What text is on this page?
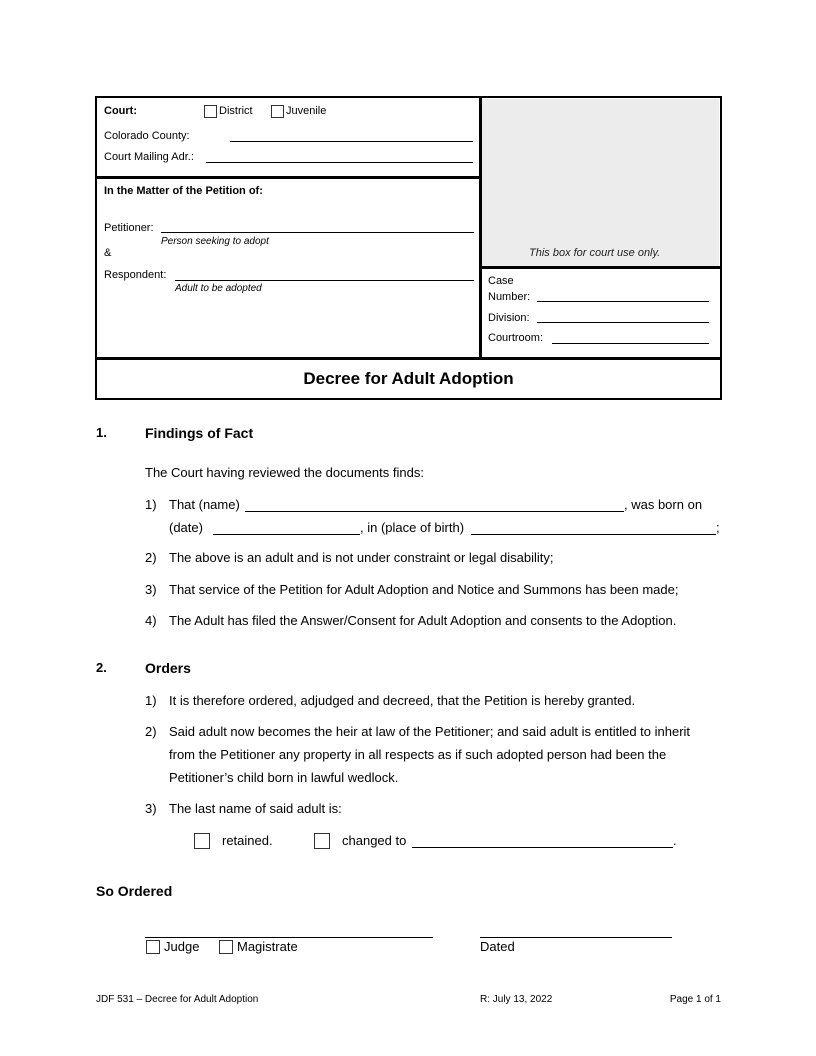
Court:	District	Juvenile
Colorado County:
Court Mailing Adr.:
In the Matter of the Petition of:
Petitioner:
Person seeking to adopt
&
Respondent:
Adult to be adopted
This box for court use only.
Case
Number:
Division:
Courtroom:
Decree for Adult Adoption
1.	Findings of Fact
The Court having reviewed the documents finds:
1) That (name)	, was born on
(date)	, in (place of birth)	;
2) The above is an adult and is not under constraint or legal disability;
3) That service of the Petition for Adult Adoption and Notice and Summons has been made;
4) The Adult has filed the Answer/Consent for Adult Adoption and consents to the Adoption.
2.	Orders
1) It is therefore ordered, adjudged and decreed, that the Petition is hereby granted.
2) Said adult now becomes the heir at law of the Petitioner; and said adult is entitled to inherit
from the Petitioner any property in all respects as if such adopted person had been the
Petitioner’s child born in lawful wedlock.
3) The last name of said adult is:
retained.	changed to	.
So Ordered
Judge	Magistrate	Dated
JDF 531 – Decree for Adult Adoption	R: July 13, 2022	Page 1 of 1
